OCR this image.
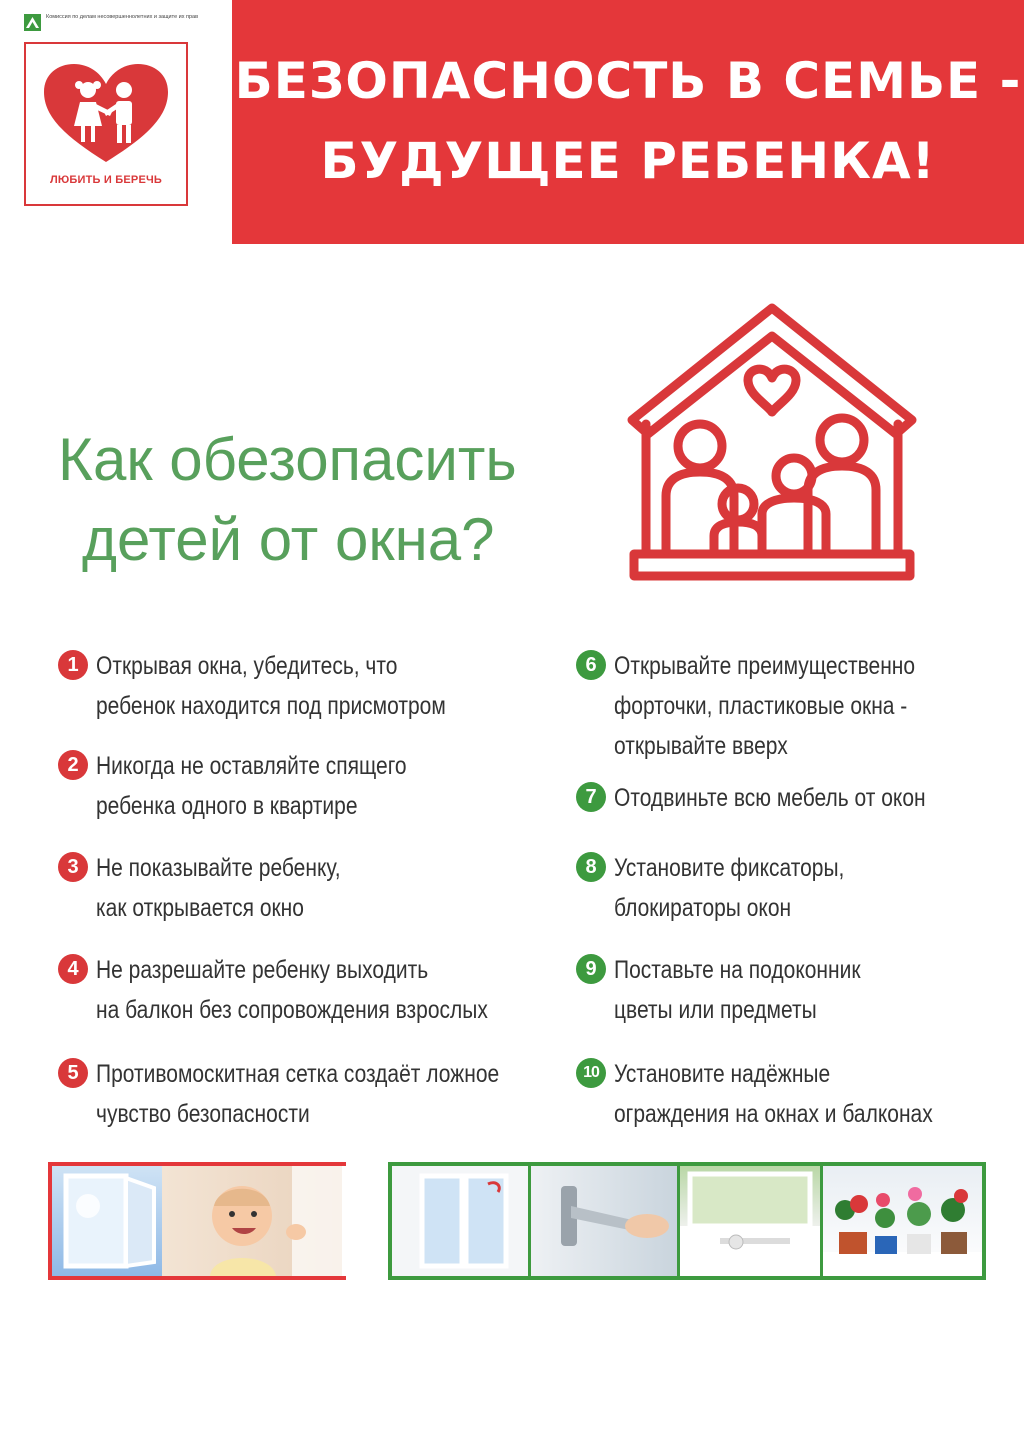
Комиссия по делам несовершеннолетних и защите их прав
ЛЮБИТЬ И БЕРЕЧЬ
БЕЗОПАСНОСТЬ В СЕМЬЕ -
БУДУЩЕЕ РЕБЕНКА!
Как обезопасить
детей от окна?
1 Открывая окна, убедитесь, что
ребенок находится под присмотром
2 Никогда не оставляйте спящего
ребенка одного в квартире
3 Не показывайте ребенку,
как открывается окно
4 Не разрешайте ребенку выходить
на балкон без сопровождения взрослых
5 Противомоскитная сетка создаёт ложное
чувство безопасности
6 Открывайте преимущественно
форточки, пластиковые окна -
открывайте вверх
7 Отодвиньте всю мебель от окон
8 Установите фиксаторы,
блокираторы окон
9 Поставьте на подоконник
цветы или предметы
10 Установите надёжные
ограждения на окнах и балконах
